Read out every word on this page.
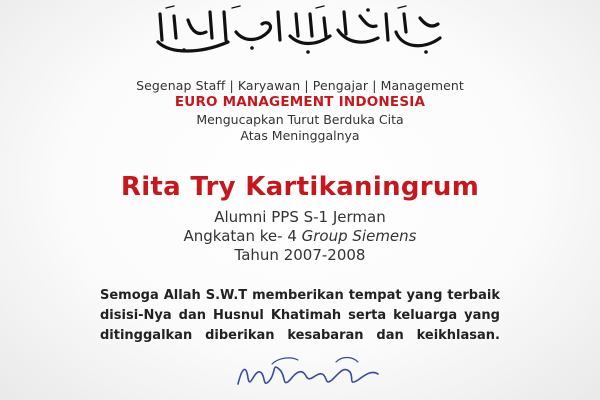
Segenap Staff | Karyawan | Pengajar | Management
EURO MANAGEMENT INDONESIA
Mengucapkan Turut Berduka Cita
Atas Meninggalnya
Rita Try Kartikaningrum
Alumni PPS S-1 Jerman
Angkatan ke- 4 Group Siemens
Tahun 2007-2008
Semoga Allah S.W.T memberikan tempat yang terbaik
disisi-Nya dan Husnul Khatimah serta keluarga yang
ditinggalkan diberikan kesabaran dan keikhlasan.
